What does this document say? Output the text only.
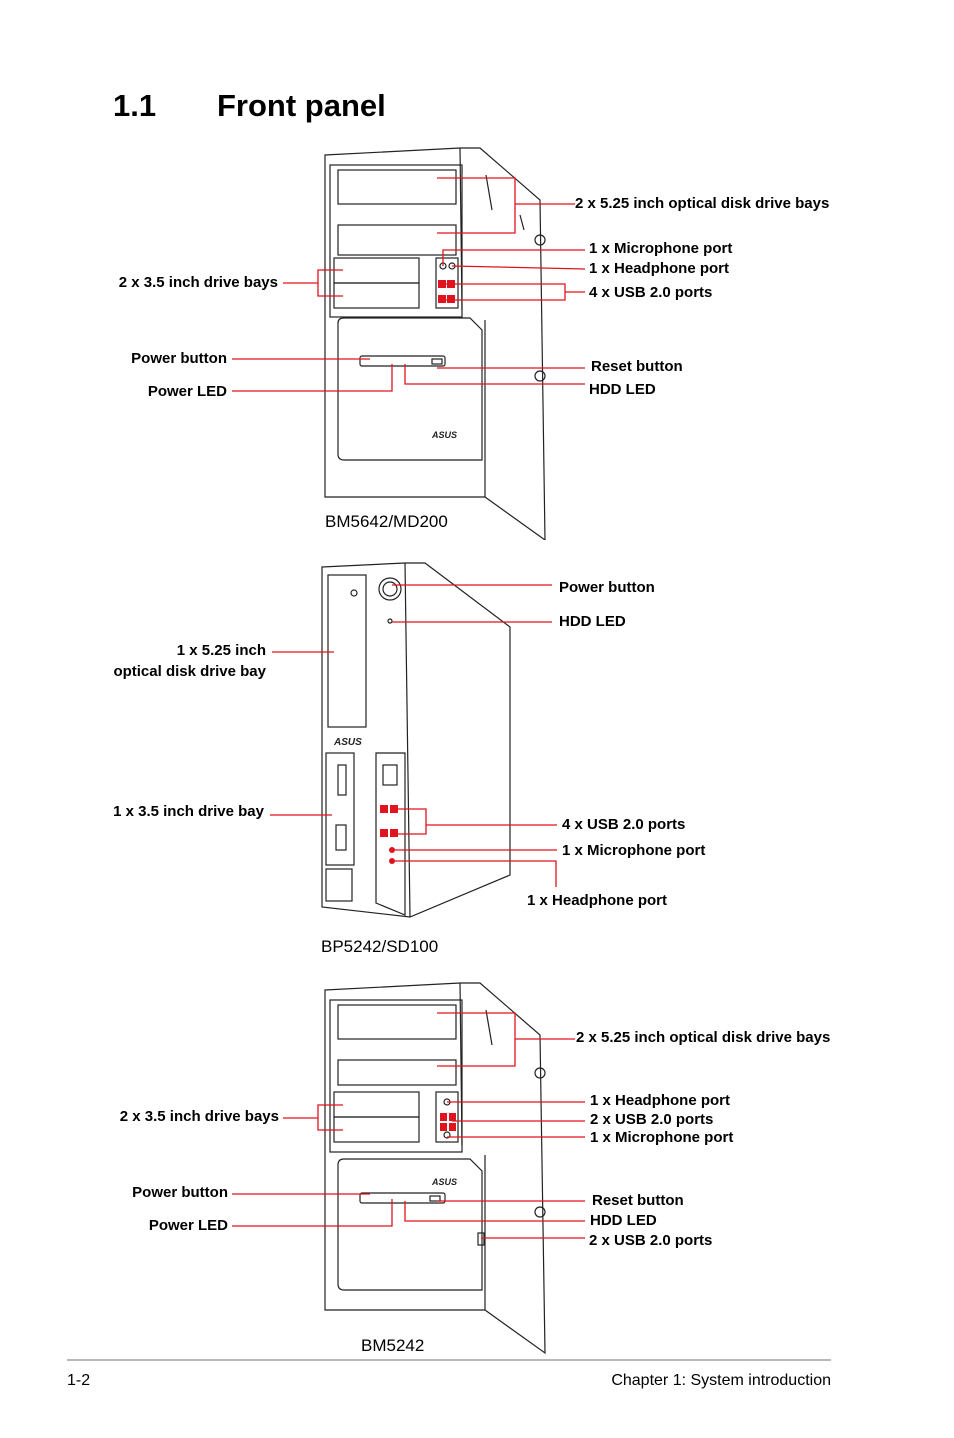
1.1 Front panel
ASUS
2 x 5.25 inch optical disk drive bays
1 x Microphone port
1 x Headphone port
4 x USB 2.0 ports
2 x 3.5 inch drive bays
Power button
Power LED
Reset button
HDD LED
BM5642/MD200
ASUS
Power button
HDD LED
1 x 5.25 inch
optical disk drive bay
1 x 3.5 inch drive bay
4 x USB 2.0 ports
1 x Microphone port
1 x Headphone port
BP5242/SD100
ASUS
2 x 5.25 inch optical disk drive bays
1 x Headphone port
2 x USB 2.0 ports
1 x Microphone port
2 x 3.5 inch drive bays
Power button
Power LED
Reset button
HDD LED
2 x USB 2.0 ports
BM5242
1-2	Chapter 1: System introduction
